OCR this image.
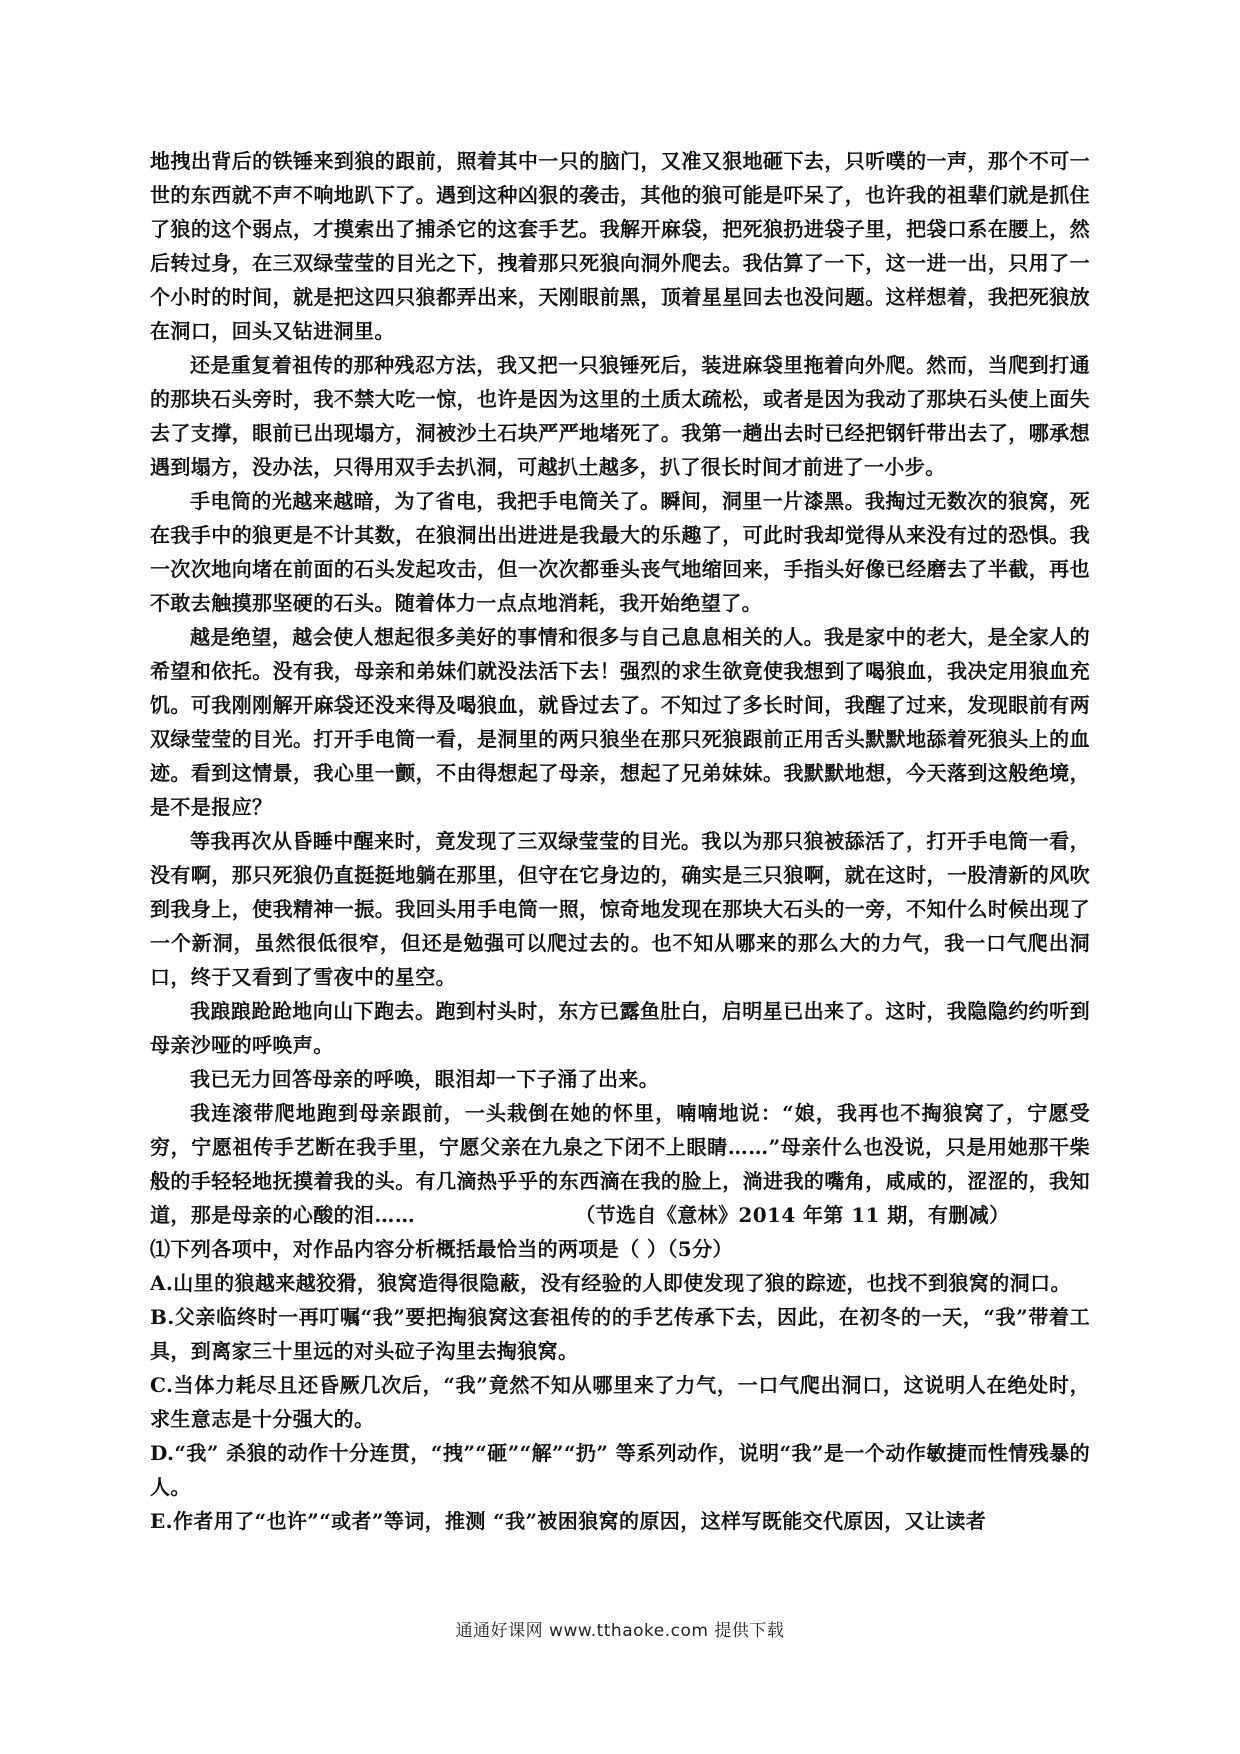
地拽出背后的铁锤来到狼的跟前，照着其中一只的脑门，又准又狠地砸下去，只听噗的一声，那个不可一世的东西就不声不响地趴下了。遇到这种凶狠的袭击，其他的狼可能是吓呆了，也许我的祖辈们就是抓住了狼的这个弱点，才摸索出了捕杀它的这套手艺。我解开麻袋，把死狼扔进袋子里，把袋口系在腰上，然后转过身，在三双绿莹莹的目光之下，拽着那只死狼向洞外爬去。我估算了一下，这一进一出，只用了一个小时的时间，就是把这四只狼都弄出来，天刚眼前黑，顶着星星回去也没问题。这样想着，我把死狼放在洞口，回头又钻进洞里。

还是重复着祖传的那种残忍方法，我又把一只狼锤死后，装进麻袋里拖着向外爬。然而，当爬到打通的那块石头旁时，我不禁大吃一惊，也许是因为这里的土质太疏松，或者是因为我动了那块石头使上面失去了支撑，眼前已出现塌方，洞被沙土石块严严地堵死了。我第一趟出去时已经把钢钎带出去了，哪承想遇到塌方，没办法，只得用双手去扒洞，可越扒土越多，扒了很长时间才前进了一小步。

手电筒的光越来越暗，为了省电，我把手电筒关了。瞬间，洞里一片漆黑。我掏过无数次的狼窝，死在我手中的狼更是不计其数，在狼洞出出进进是我最大的乐趣了，可此时我却觉得从来没有过的恐惧。我一次次地向堵在前面的石头发起攻击，但一次次都垂头丧气地缩回来，手指头好像已经磨去了半截，再也不敢去触摸那坚硬的石头。随着体力一点点地消耗，我开始绝望了。

越是绝望，越会使人想起很多美好的事情和很多与自己息息相关的人。我是家中的老大，是全家人的希望和依托。没有我，母亲和弟妹们就没法活下去！强烈的求生欲竟使我想到了喝狼血，我决定用狼血充饥。可我刚刚解开麻袋还没来得及喝狼血，就昏过去了。不知过了多长时间，我醒了过来，发现眼前有两双绿莹莹的目光。打开手电筒一看，是洞里的两只狼坐在那只死狼跟前正用舌头默默地舔着死狼头上的血迹。看到这情景，我心里一颤，不由得想起了母亲，想起了兄弟妹妹。我默默地想，今天落到这般绝境，是不是报应？

等我再次从昏睡中醒来时，竟发现了三双绿莹莹的目光。我以为那只狼被舔活了，打开手电筒一看，没有啊，那只死狼仍直挺挺地躺在那里，但守在它身边的，确实是三只狼啊，就在这时，一股清新的风吹到我身上，使我精神一振。我回头用手电筒一照，惊奇地发现在那块大石头的一旁，不知什么时候出现了一个新洞，虽然很低很窄，但还是勉强可以爬过去的。也不知从哪来的那么大的力气，我一口气爬出洞口，终于又看到了雪夜中的星空。

我踉踉跄跄地向山下跑去。跑到村头时，东方已露鱼肚白，启明星已出来了。这时，我隐隐约约听到母亲沙哑的呼唤声。

我已无力回答母亲的呼唤，眼泪却一下子涌了出来。

我连滚带爬地跑到母亲跟前，一头栽倒在她的怀里，喃喃地说：“娘，我再也不掏狼窝了，宁愿受穷，宁愿祖传手艺断在我手里，宁愿父亲在九泉之下闭不上眼睛……”母亲什么也没说，只是用她那干柴般的手轻轻地抚摸着我的头。有几滴热乎乎的东西滴在我的脸上，淌进我的嘴角，咸咸的，涩涩的，我知道，那是母亲的心酸的泪……	（节选自《意林》2014 年第 11 期，有删减）

⑴下列各项中，对作品内容分析概括最恰当的两项是（ ）（5分）

A.山里的狼越来越狡猾，狼窝造得很隐蔽，没有经验的人即使发现了狼的踪迹，也找不到狼窝的洞口。

B.父亲临终时一再叮嘱“我”要把掏狼窝这套祖传的的手艺传承下去，因此，在初冬的一天，“我”带着工具，到离家三十里远的对头砬子沟里去掏狼窝。

C.当体力耗尽且还昏厥几次后，“我”竟然不知从哪里来了力气，一口气爬出洞口，这说明人在绝处时，求生意志是十分强大的。

D.“我” 杀狼的动作十分连贯，“拽”“砸”“解”“扔” 等系列动作，说明“我”是一个动作敏捷而性情残暴的人。

E.作者用了“也许”“或者”等词，推测 “我”被困狼窝的原因，这样写既能交代原因，又让读者

通通好课网 www.tthaoke.com 提供下载
